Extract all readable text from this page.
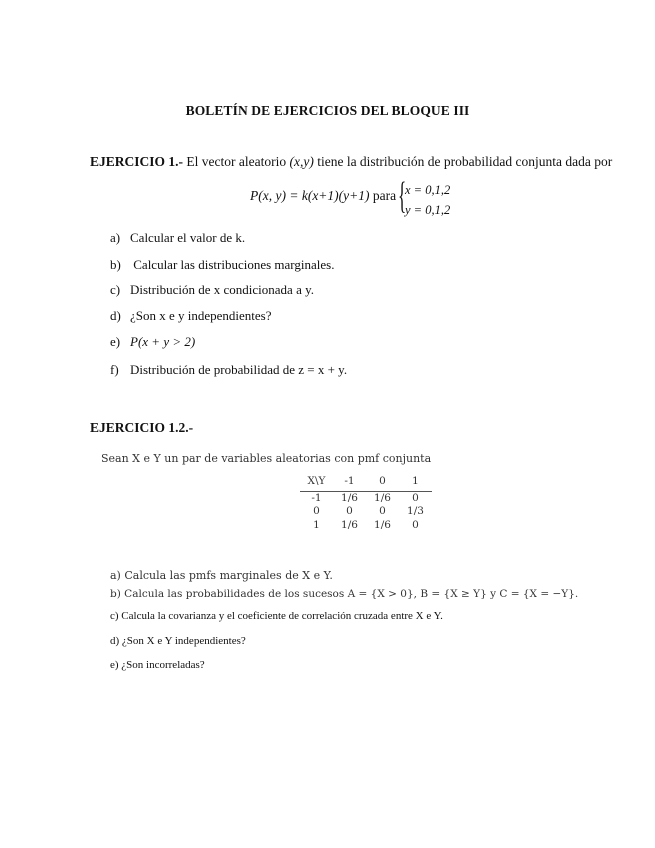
BOLETÍN DE EJERCICIOS DEL BLOQUE III
EJERCICIO 1.- El vector aleatorio (x,y) tiene la distribución de probabilidad conjunta dada por
P(x, y) = k(x+1)(y+1) para {
x = 0,1,2
y = 0,1,2
a) Calcular el valor de k.
b) Calcular las distribuciones marginales.
c) Distribución de x condicionada a y.
d) ¿Son x e y independientes?
e) P(x + y > 2)
f) Distribución de probabilidad de z = x + y.
EJERCICIO 1.2.-
Sean X e Y un par de variables aleatorias con pmf conjunta
X\Y	-1	0	1
-1	1/6	1/6	0
0	0	0	1/3
1	1/6	1/6	0
a) Calcula las pmfs marginales de X e Y.
b) Calcula las probabilidades de los sucesos A = {X > 0}, B = {X ≥ Y} y C = {X = −Y}.
c) Calcula la covarianza y el coeficiente de correlación cruzada entre X e Y.
d) ¿Son X e Y independientes?
e) ¿Son incorreladas?
